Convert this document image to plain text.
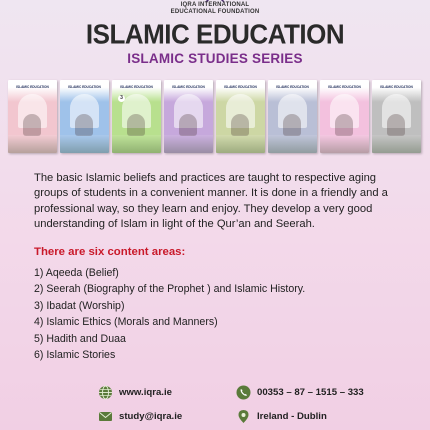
IQRA INTERNATIONAL
EDUCATIONAL FOUNDATION
ISLAMIC EDUCATION
ISLAMIC STUDIES SERIES
ISLAMIC EDUCATION	ISLAMIC EDUCATION	ISLAMIC EDUCATION
3
ISLAMIC EDUCATION	ISLAMIC EDUCATION	ISLAMIC EDUCATION	ISLAMIC EDUCATION	ISLAMIC EDUCATION

The basic Islamic beliefs and practices are taught to respective aging groups of students in a convenient manner. It is done in a friendly and a professional way, so they learn and enjoy. They develop a very good understanding of Islam in light of the Qur’an and Seerah.

There are six content areas:
1) Aqeeda (Belief)
2) Seerah (Biography of the Prophet ) and Islamic History.
3) Ibadat (Worship)
4) Islamic Ethics (Morals and Manners)
5) Hadith and Duaa
6) Islamic Stories
www.iqra.ie
study@iqra.ie
00353 – 87 – 1515 – 333
Ireland - Dublin
